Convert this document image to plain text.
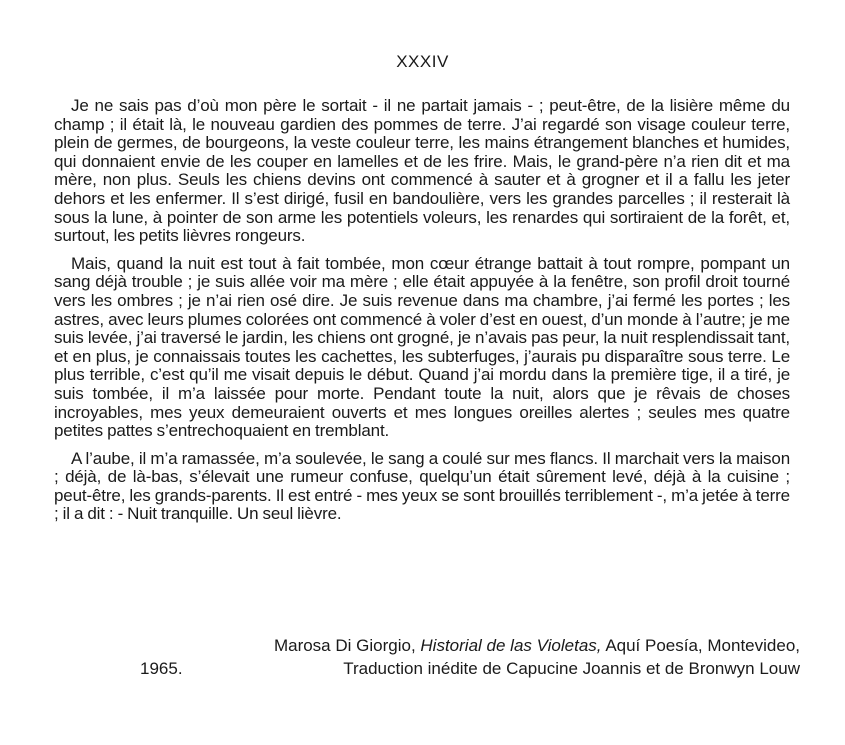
XXXIV

Je ne sais pas d’où mon père le sortait - il ne partait jamais - ; peut-être, de la lisière même du champ ; il était là, le nouveau gardien des pommes de terre. J’ai regardé son visage couleur terre, plein de germes, de bourgeons, la veste couleur terre, les mains étrangement blanches et humides, qui donnaient envie de les couper en lamelles et de les frire. Mais, le grand-père n’a rien dit et ma mère, non plus. Seuls les chiens devins ont commencé à sauter et à grogner et il a fallu les jeter dehors et les enfermer. Il s’est dirigé, fusil en bandoulière, vers les grandes parcelles ; il resterait là sous la lune, à pointer de son arme les potentiels voleurs, les renardes qui sortiraient de la forêt, et, surtout, les petits lièvres rongeurs.

Mais, quand la nuit est tout à fait tombée, mon cœur étrange battait à tout rompre, pompant un sang déjà trouble ; je suis allée voir ma mère ; elle était appuyée à la fenêtre, son profil droit tourné vers les ombres ; je n’ai rien osé dire. Je suis revenue dans ma chambre, j’ai fermé les portes ; les astres, avec leurs plumes colorées ont commencé à voler d’est en ouest, d’un monde à l’autre; je me suis levée, j’ai traversé le jardin, les chiens ont grogné, je n’avais pas peur, la nuit resplendissait tant, et en plus, je connaissais toutes les cachettes, les subterfuges, j’aurais pu disparaître sous terre. Le plus terrible, c’est qu’il me visait depuis le début. Quand j’ai mordu dans la première tige, il a tiré, je suis tombée, il m’a laissée pour morte. Pendant toute la nuit, alors que je rêvais de choses incroyables, mes yeux demeuraient ouverts et mes longues oreilles alertes ; seules mes quatre petites pattes s’entrechoquaient en tremblant.

A l’aube, il m’a ramassée, m’a soulevée, le sang a coulé sur mes flancs. Il marchait vers la maison ; déjà, de là-bas, s’élevait une rumeur confuse, quelqu’un était sûrement levé, déjà à la cuisine ; peut-être, les grands-parents. Il est entré - mes yeux se sont brouillés terriblement -, m’a jetée à terre ; il a dit : - Nuit tranquille. Un seul lièvre.

Marosa Di Giorgio, Historial de las Violetas, Aquí Poesía, Montevideo,
1965.	Traduction inédite de Capucine Joannis et de Bronwyn Louw
